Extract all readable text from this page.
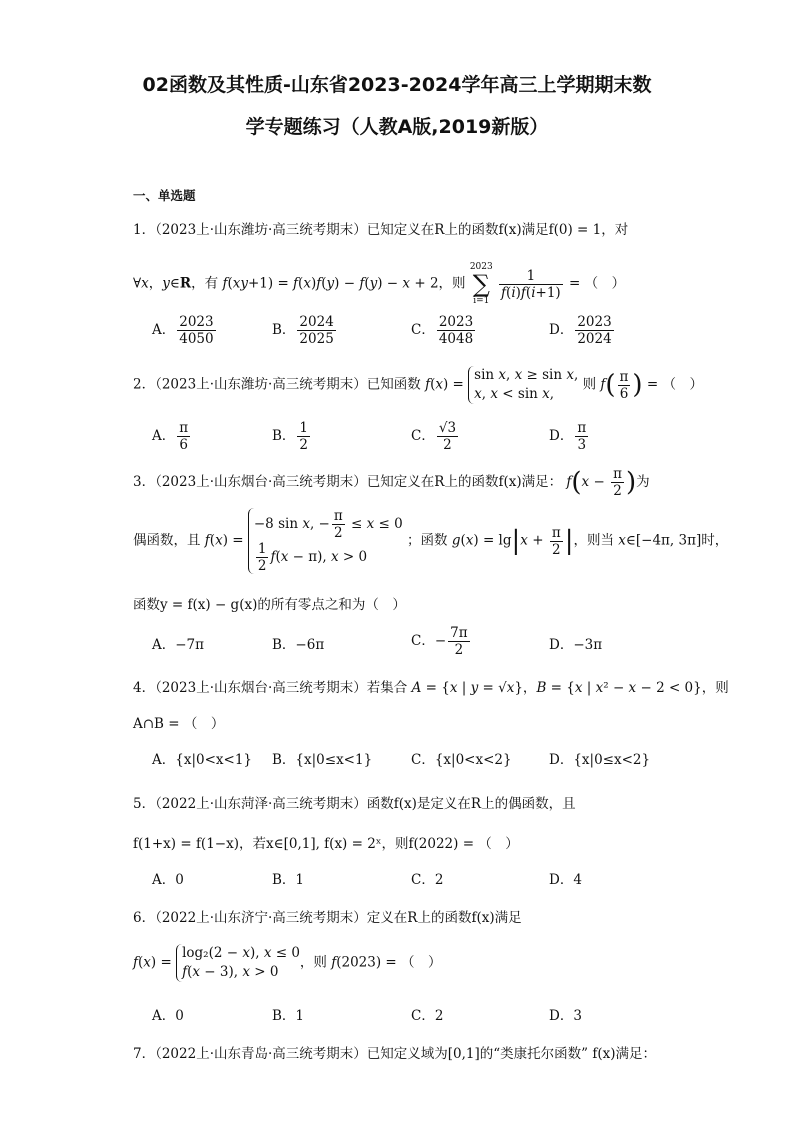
02函数及其性质-山东省2023-2024学年高三上学期期末数
学专题练习（人教A版,2019新版）
一、单选题
1．（2023上·山东潍坊·高三统考期末）已知定义在R上的函数f(x)满足f(0) = 1，对
∀x，y∈R，有 f(xy+1) = f(x)f(y) − f(y) − x + 2，则
2023
∑
i=1

$\frac{1}{f(i)f(i+1)}$ = （　）
A． $\frac{2023}{4050}$	B． $\frac{2024}{2025}$	C． $\frac{2023}{4048}$	D． $\frac{2023}{2024}$
2．（2023上·山东潍坊·高三统考期末）已知函数 f(x) = sin x, x ≥ sin x,
x, x < sin x, 则 $f( \frac{\pi}{6}$ ) = （　）
A． $\frac{\pi}{6}$	B． $\frac{1}{2}$	C． $\frac{√3}{2}$	D． $\frac{\pi}{3}$
3．（2023上·山东烟台·高三统考期末）已知定义在R上的函数f(x)满足： $f(x - \frac{\pi}{2}$ )为
偶函数，且 f(x) = −8 sin x, − $\frac{\pi}{2} \le x \le 0$

$\frac{1}{2} f(x - \pi)$, x > 0 ；函数 $g(x) = \lg|x + \frac{\pi}{2}$ |，则当 x∈[−4π, 3π]时，
函数y = f(x) − g(x)的所有零点之和为（　）
A．−7π	B．−6π	C．− $\frac{7\pi}{2}$	D．−3π
4．（2023上·山东烟台·高三统考期末）若集合 A = {x | y = √x}，B = {x | x² − x − 2 < 0}，则
A∩B = （　）
A．{x|0<x<1} B．{x|0≤x<1}	C．{x|0<x<2}	D．{x|0≤x<2}
5．（2022上·山东菏泽·高三统考期末）函数f(x)是定义在R上的偶函数，且
f(1+x) = f(1−x)，若x∈[0,1], f(x) = 2ˣ，则f(2022) = （　）
A．0	B．1	C．2	D．4
6．（2022上·山东济宁·高三统考期末）定义在R上的函数f(x)满足
f(x) = log₂(2 − x), x ≤ 0
f(x − 3), x > 0，则 f(2023) = （　）
A．0	B．1	C．2	D．3
7．（2022上·山东青岛·高三统考期末）已知定义域为[0,1]的“类康托尔函数” f(x)满足：
